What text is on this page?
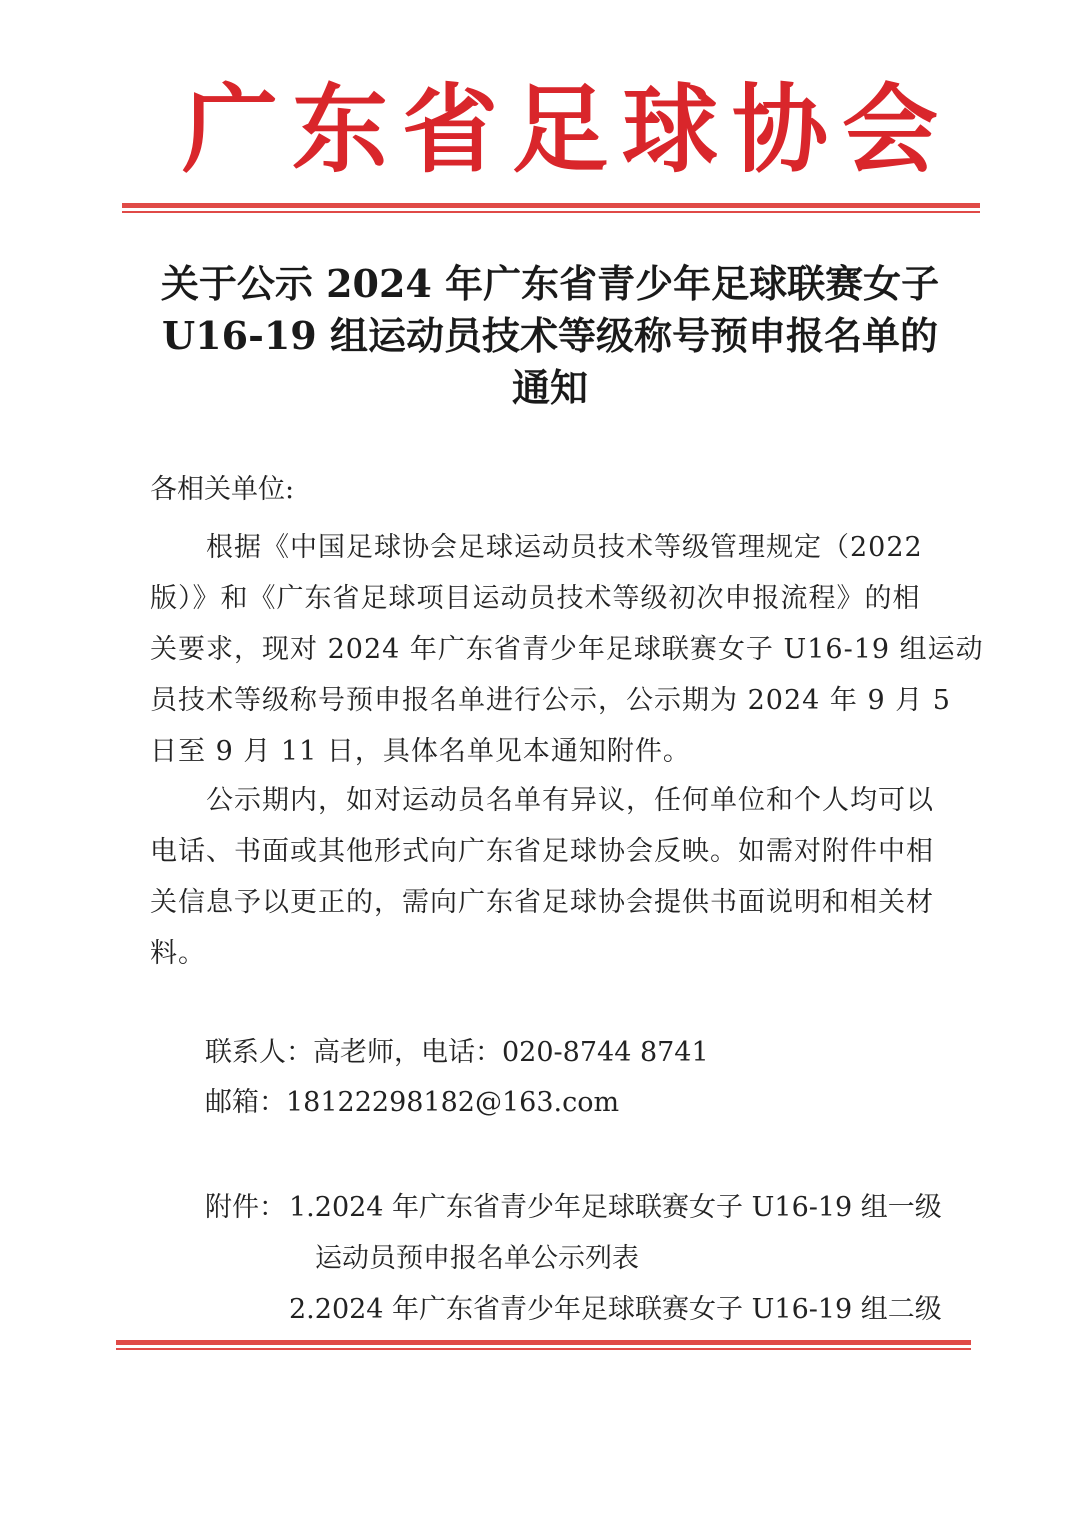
广 东 省 足 球 协 会
关于公示 2024 年广东省青少年足球联赛女子
U16-19 组运动员技术等级称号预申报名单的
通知
各相关单位:
　　根据《中国足球协会足球运动员技术等级管理规定（2022
版）》和《广东省足球项目运动员技术等级初次申报流程》的相
关要求，现对 2024 年广东省青少年足球联赛女子 U16-19 组运动
员技术等级称号预申报名单进行公示，公示期为 2024 年 9 月 5
日至 9 月 11 日，具体名单见本通知附件。
　　公示期内，如对运动员名单有异议，任何单位和个人均可以
电话、书面或其他形式向广东省足球协会反映。如需对附件中相
关信息予以更正的，需向广东省足球协会提供书面说明和相关材
料。
联系人：高老师，电话：020-8744 8741
邮箱：18122298182@163.com
附件： 1.2024 年广东省青少年足球联赛女子 U16-19 组一级
运动员预申报名单公示列表
2.2024 年广东省青少年足球联赛女子 U16-19 组二级
